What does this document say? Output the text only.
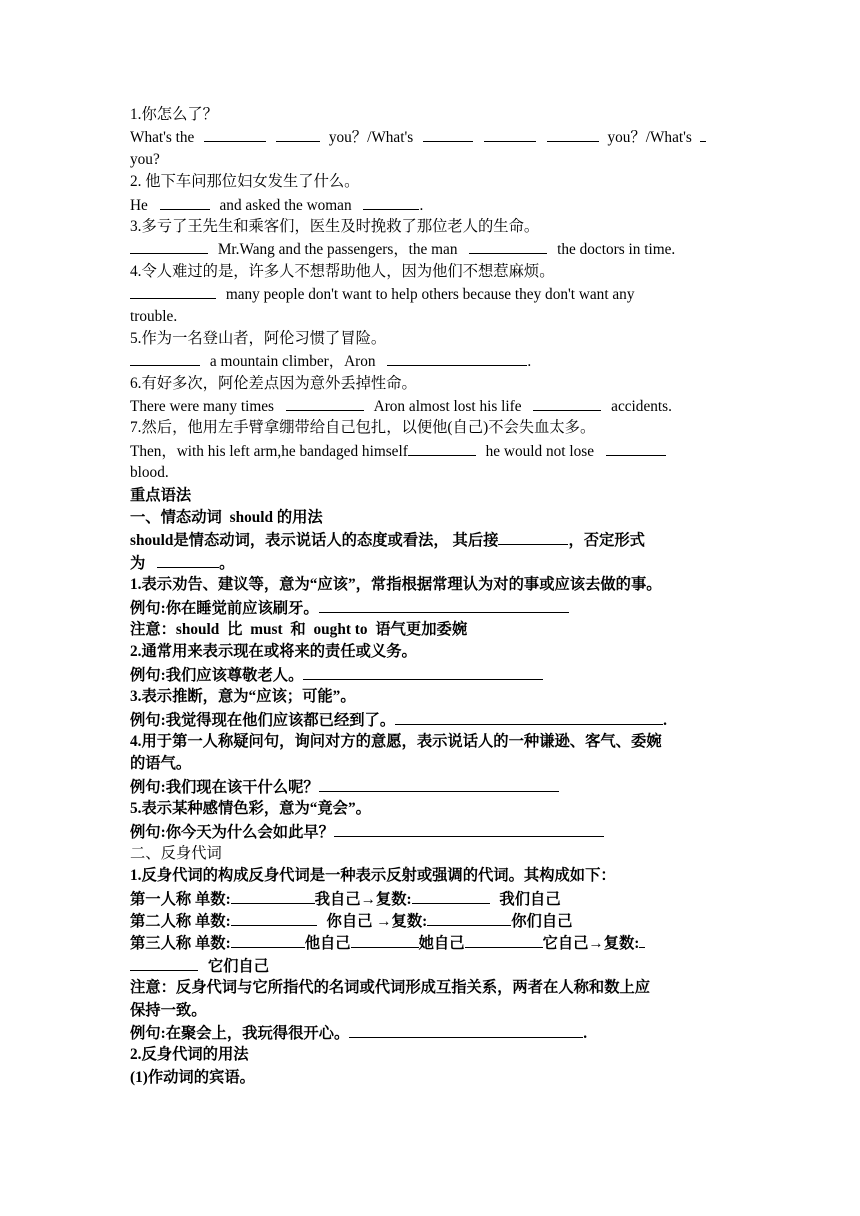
1.你怎么了？
What's the	you？/What's	you？/What's
you?
2. 他下车问那位妇女发生了什么。
He	and asked the woman	.
3.多亏了王先生和乘客们，医生及时挽救了那位老人的生命。
Mr.Wang and the passengers，the man	the doctors in time.
4.令人难过的是，许多人不想帮助他人，因为他们不想惹麻烦。
many people don't want to help others because they don't want any
trouble.
5.作为一名登山者，阿伦习惯了冒险。
a mountain climber，Aron	.
6.有好多次，阿伦差点因为意外丢掉性命。
There were many times	Aron almost lost his life	accidents.
7.然后，他用左手臂拿绷带给自己包扎，以便他(自己)不会失血太多。
Then，with his left arm,he bandaged himself	he would not lose
blood.
重点语法
一、情态动词 should 的用法
should是情态动词，表示说话人的态度或看法， 其后接	，否定形式
为	。
1.表示劝告、建议等，意为“应该”，常指根据常理认为对的事或应该去做的事。
例句:你在睡觉前应该刷牙。
注意：should 比 must 和 ought to 语气更加委婉
2.通常用来表示现在或将来的责任或义务。
例句:我们应该尊敬老人。
3.表示推断，意为“应该；可能”。
例句:我觉得现在他们应该都已经到了。	.
4.用于第一人称疑问句，询问对方的意愿，表示说话人的一种谦逊、客气、委婉
的语气。
例句:我们现在该干什么呢？
5.表示某种感情色彩，意为“竟会”。
例句:你今天为什么会如此早？
二、反身代词
1.反身代词的构成反身代词是一种表示反射或强调的代词。其构成如下：
第一人称 单数:	我自己→复数:	我们自己
第二人称 单数:	你自己 →复数:	你们自己
第三人称 单数:	他自己	她自己	它自己→复数:
它们自己
注意：反身代词与它所指代的名词或代词形成互指关系，两者在人称和数上应
保持一致。
例句:在聚会上，我玩得很开心。	.
2.反身代词的用法
(1)作动词的宾语。
